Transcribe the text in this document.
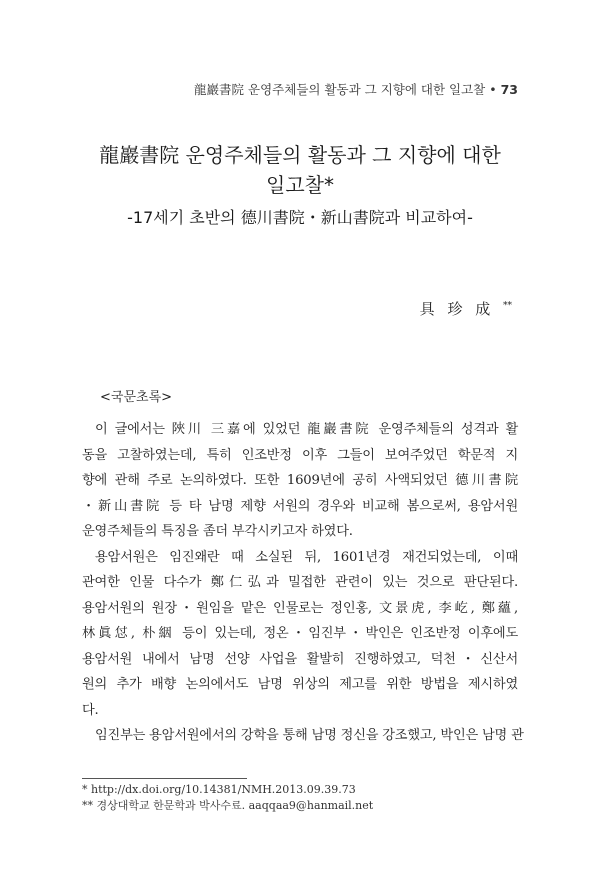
龍巖書院 운영주체들의 활동과 그 지향에 대한 일고찰 • 73
龍巖書院 운영주체들의 활동과 그 지향에 대한
일고찰*
-17세기 초반의 德川書院・新山書院과 비교하여-
具 珍 成 **
<국문초록>
이 글에서는 陜川 三嘉에 있었던 龍巖書院 운영주체들의 성격과 활
동을 고찰하였는데, 특히 인조반정 이후 그들이 보여주었던 학문적 지
향에 관해 주로 논의하였다. 또한 1609년에 공히 사액되었던 德川書院
・新山書院 등 타 남명 제향 서원의 경우와 비교해 봄으로써, 용암서원
운영주체들의 특징을 좀더 부각시키고자 하였다.
용암서원은 임진왜란 때 소실된 뒤, 1601년경 재건되었는데, 이때
관여한 인물 다수가 鄭仁弘과 밀접한 관련이 있는 것으로 판단된다.
용암서원의 원장・원임을 맡은 인물로는 정인홍, 文景虎, 李屹, 鄭蘊,
林眞怤, 朴絪 등이 있는데, 정온・임진부・박인은 인조반정 이후에도
용암서원 내에서 남명 선양 사업을 활발히 진행하였고, 덕천・신산서
원의 추가 배향 논의에서도 남명 위상의 제고를 위한 방법을 제시하였
다.
임진부는 용암서원에서의 강학을 통해 남명 정신을 강조했고, 박인은 남명 관
* http://dx.doi.org/10.14381/NMH.2013.09.39.73
** 경상대학교 한문학과 박사수료. aaqqaa9@hanmail.net
